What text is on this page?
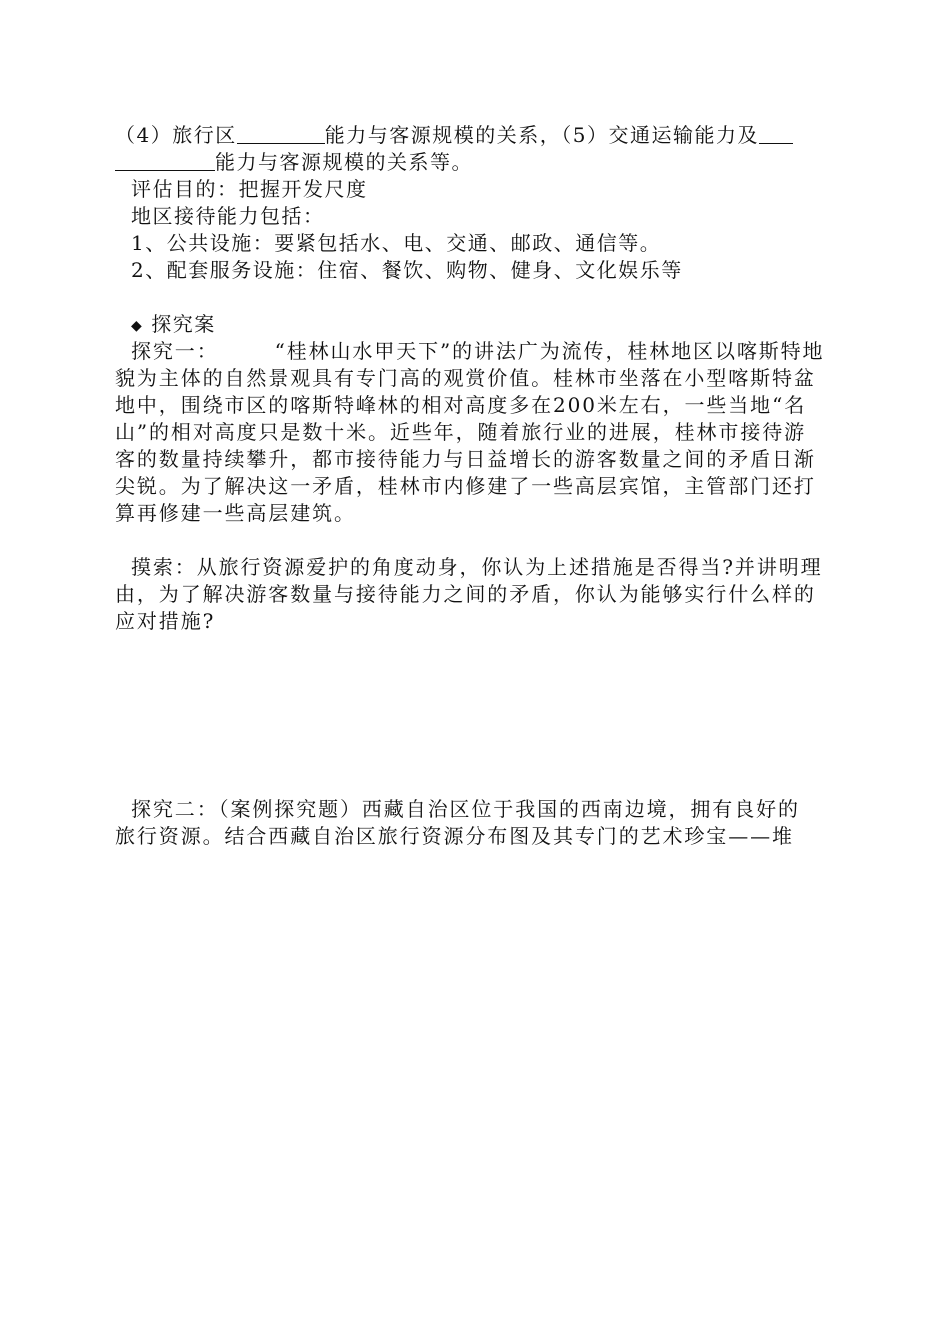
（4）旅行区	能力与客源规模的关系，（5）交通运输能力及
能力与客源规模的关系等。
评估目的：把握开发尺度
地区接待能力包括：
1、公共设施：要紧包括水、电、交通、邮政、通信等。
2、配套服务设施：住宿、餐饮、购物、健身、文化娱乐等
◆ 探究案
探究一：	“桂林山水甲天下”的讲法广为流传，桂林地区以喀斯特地
貌为主体的自然景观具有专门高的观赏价值。桂林市坐落在小型喀斯特盆
地中，围绕市区的喀斯特峰林的相对高度多在200米左右，一些当地“名
山”的相对高度只是数十米。近些年，随着旅行业的进展，桂林市接待游
客的数量持续攀升，都市接待能力与日益增长的游客数量之间的矛盾日渐
尖锐。为了解决这一矛盾，桂林市内修建了一些高层宾馆，主管部门还打
算再修建一些高层建筑。
摸索：从旅行资源爱护的角度动身，你认为上述措施是否得当?并讲明理
由，为了解决游客数量与接待能力之间的矛盾，你认为能够实行什么样的
应对措施?
探究二：（案例探究题）西藏自治区位于我国的西南边境，拥有良好的
旅行资源。结合西藏自治区旅行资源分布图及其专门的艺术珍宝——堆
